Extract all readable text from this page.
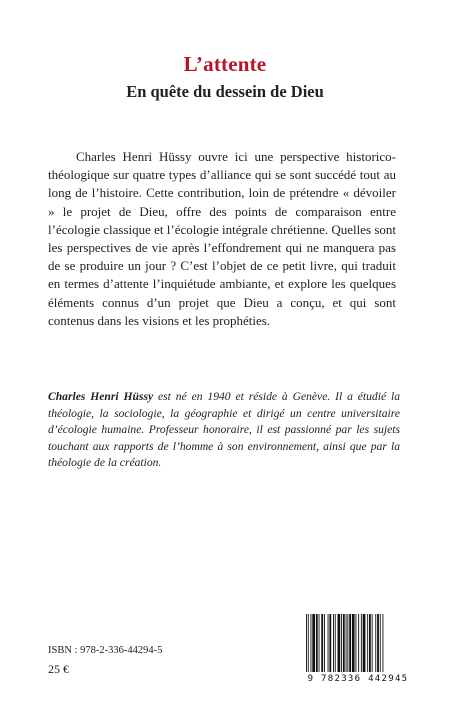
L’attente
En quête du dessein de Dieu

Charles Henri Hüssy ouvre ici une perspective historico-théologique sur quatre types d’alliance qui se sont succédé tout au long de l’histoire. Cette contribution, loin de prétendre « dévoiler » le projet de Dieu, offre des points de comparaison entre l’écologie classique et l’écologie intégrale chrétienne. Quelles sont les perspectives de vie après l’effondrement qui ne manquera pas de se produire un jour ? C’est l’objet de ce petit livre, qui traduit en termes d’attente l’inquiétude ambiante, et explore les quelques éléments connus d’un projet que Dieu a conçu, et qui sont contenus dans les visions et les prophéties.

Charles Henri Hüssy est né en 1940 et réside à Genève. Il a étudié la théologie, la sociologie, la géographie et dirigé un centre universitaire d’écologie humaine. Professeur honoraire, il est passionné par les sujets touchant aux rapports de l’homme à son environnement, ainsi que par la théologie de la création.

ISBN : 978-2-336-44294-5
25 €
9 782336 442945
